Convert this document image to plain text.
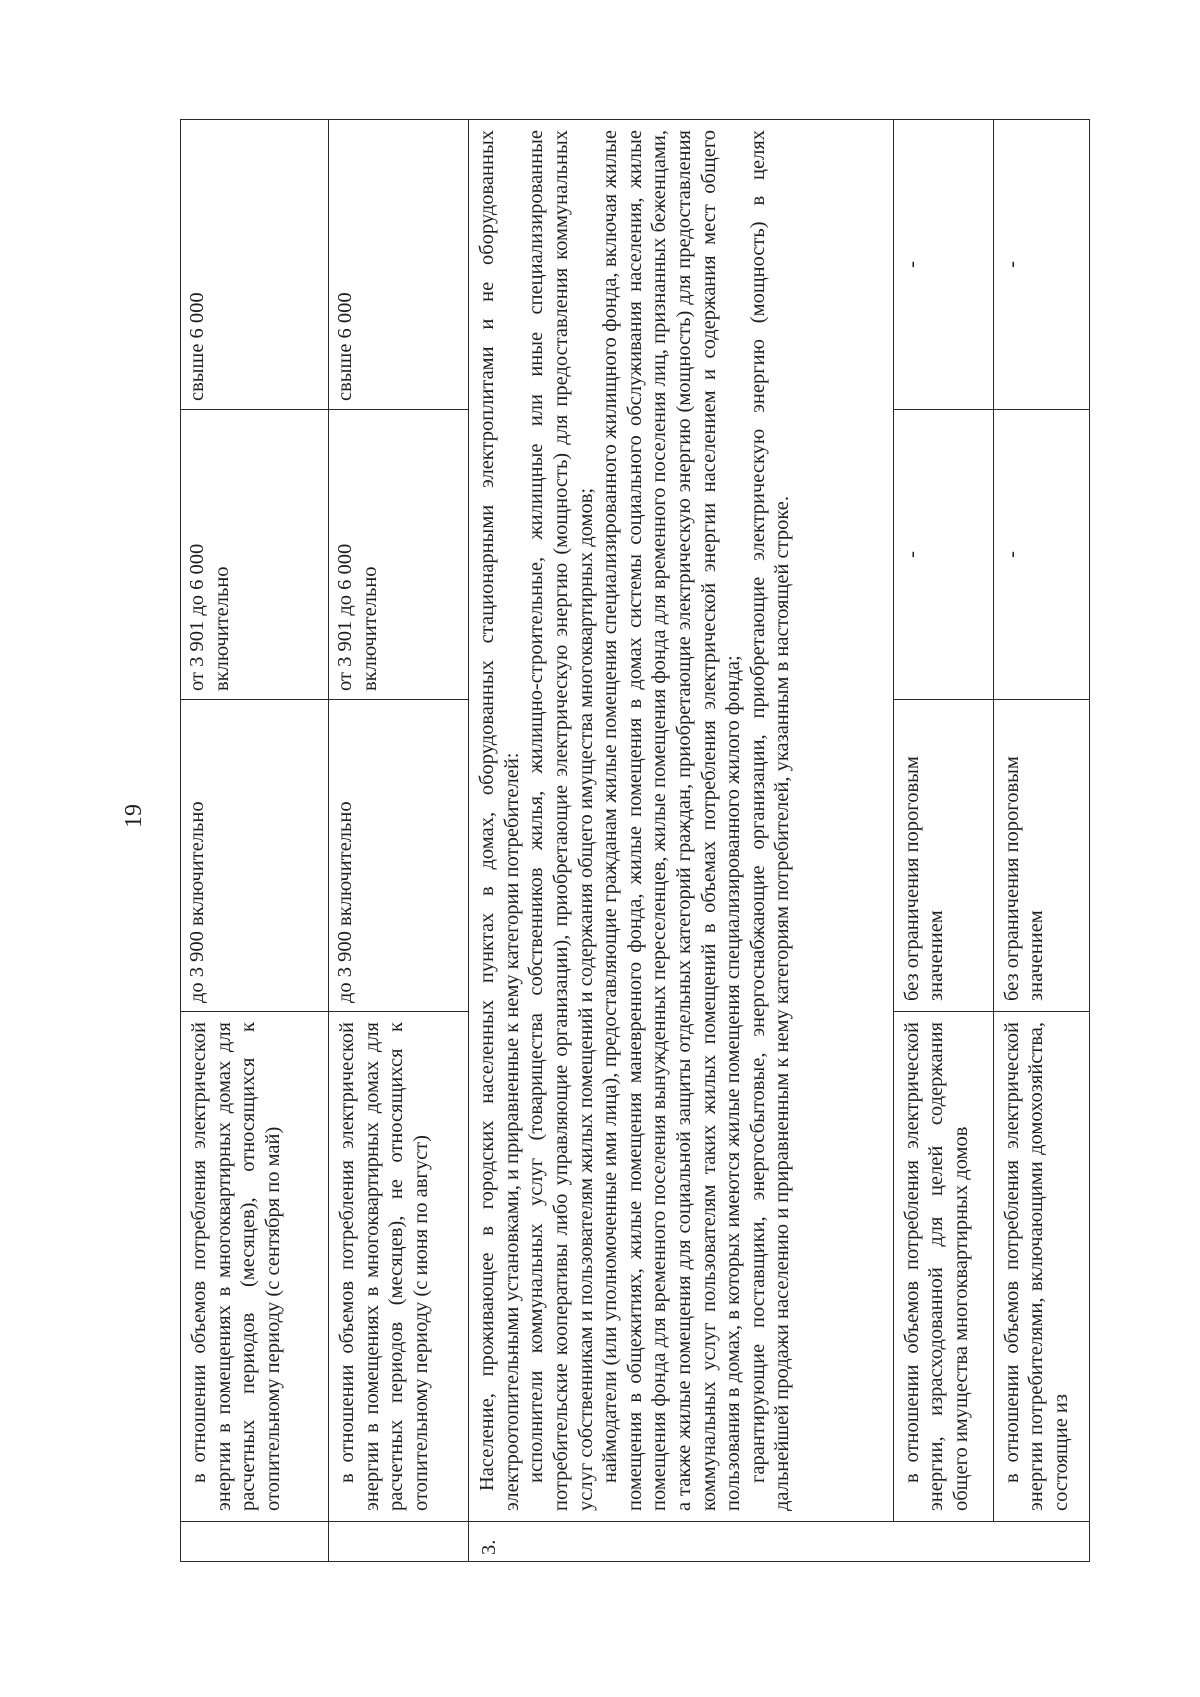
19
	в отношении объемов потребления электрической энергии в помещениях в многоквартирных домах для расчетных периодов (месяцев), относящихся к отопительному периоду (с сентября по май)	до 3 900 включительно	от 3 901 до 6 000 включительно	свыше 6 000
	в отношении объемов потребления электрической энергии в помещениях в многоквартирных домах для расчетных периодов (месяцев), не относящихся к отопительному периоду (с июня по август)	до 3 900 включительно	от 3 901 до 6 000 включительно	свыше 6 000
3.	Население, проживающее в городских населенных пунктах в домах, оборудованных стационарными электроплитами и не оборудованных электроотопительными установками, и приравненные к нему категории потребителей: исполнители коммунальных услуг (товарищества собственников жилья, жилищно-строительные, жилищные или иные специализированные потребительские кооперативы либо управляющие организации), приобретающие электрическую энергию (мощность) для предоставления коммунальных услуг собственникам и пользователям жилых помещений и содержания общего имущества многоквартирных домов; наймодатели (или уполномоченные ими лица), предоставляющие гражданам жилые помещения специализированного жилищного фонда, включая жилые помещения в общежитиях, жилые помещения маневренного фонда, жилые помещения в домах системы социального обслуживания населения, жилые помещения фонда для временного поселения вынужденных переселенцев, жилые помещения фонда для временного поселения лиц, признанных беженцами, а также жилые помещения для социальной защиты отдельных категорий граждан, приобретающие электрическую энергию (мощность) для предоставления коммунальных услуг пользователям таких жилых помещений в объемах потребления электрической энергии населением и содержания мест общего пользования в домах, в которых имеются жилые помещения специализированного жилого фонда; гарантирующие поставщики, энергосбытовые, энергоснабжающие организации, приобретающие электрическую энергию (мощность) в целях дальнейшей продажи населению и приравненным к нему категориям потребителей, указанным в настоящей строке.			

	в отношении объемов потребления электрической энергии, израсходованной для целей содержания общего имущества многоквартирных домов	без ограничения пороговым значением	-	-
	в отношении объемов потребления электрической энергии потребителями, включающими домохозяйства, состоящие из	без ограничения пороговым значением	-	-
